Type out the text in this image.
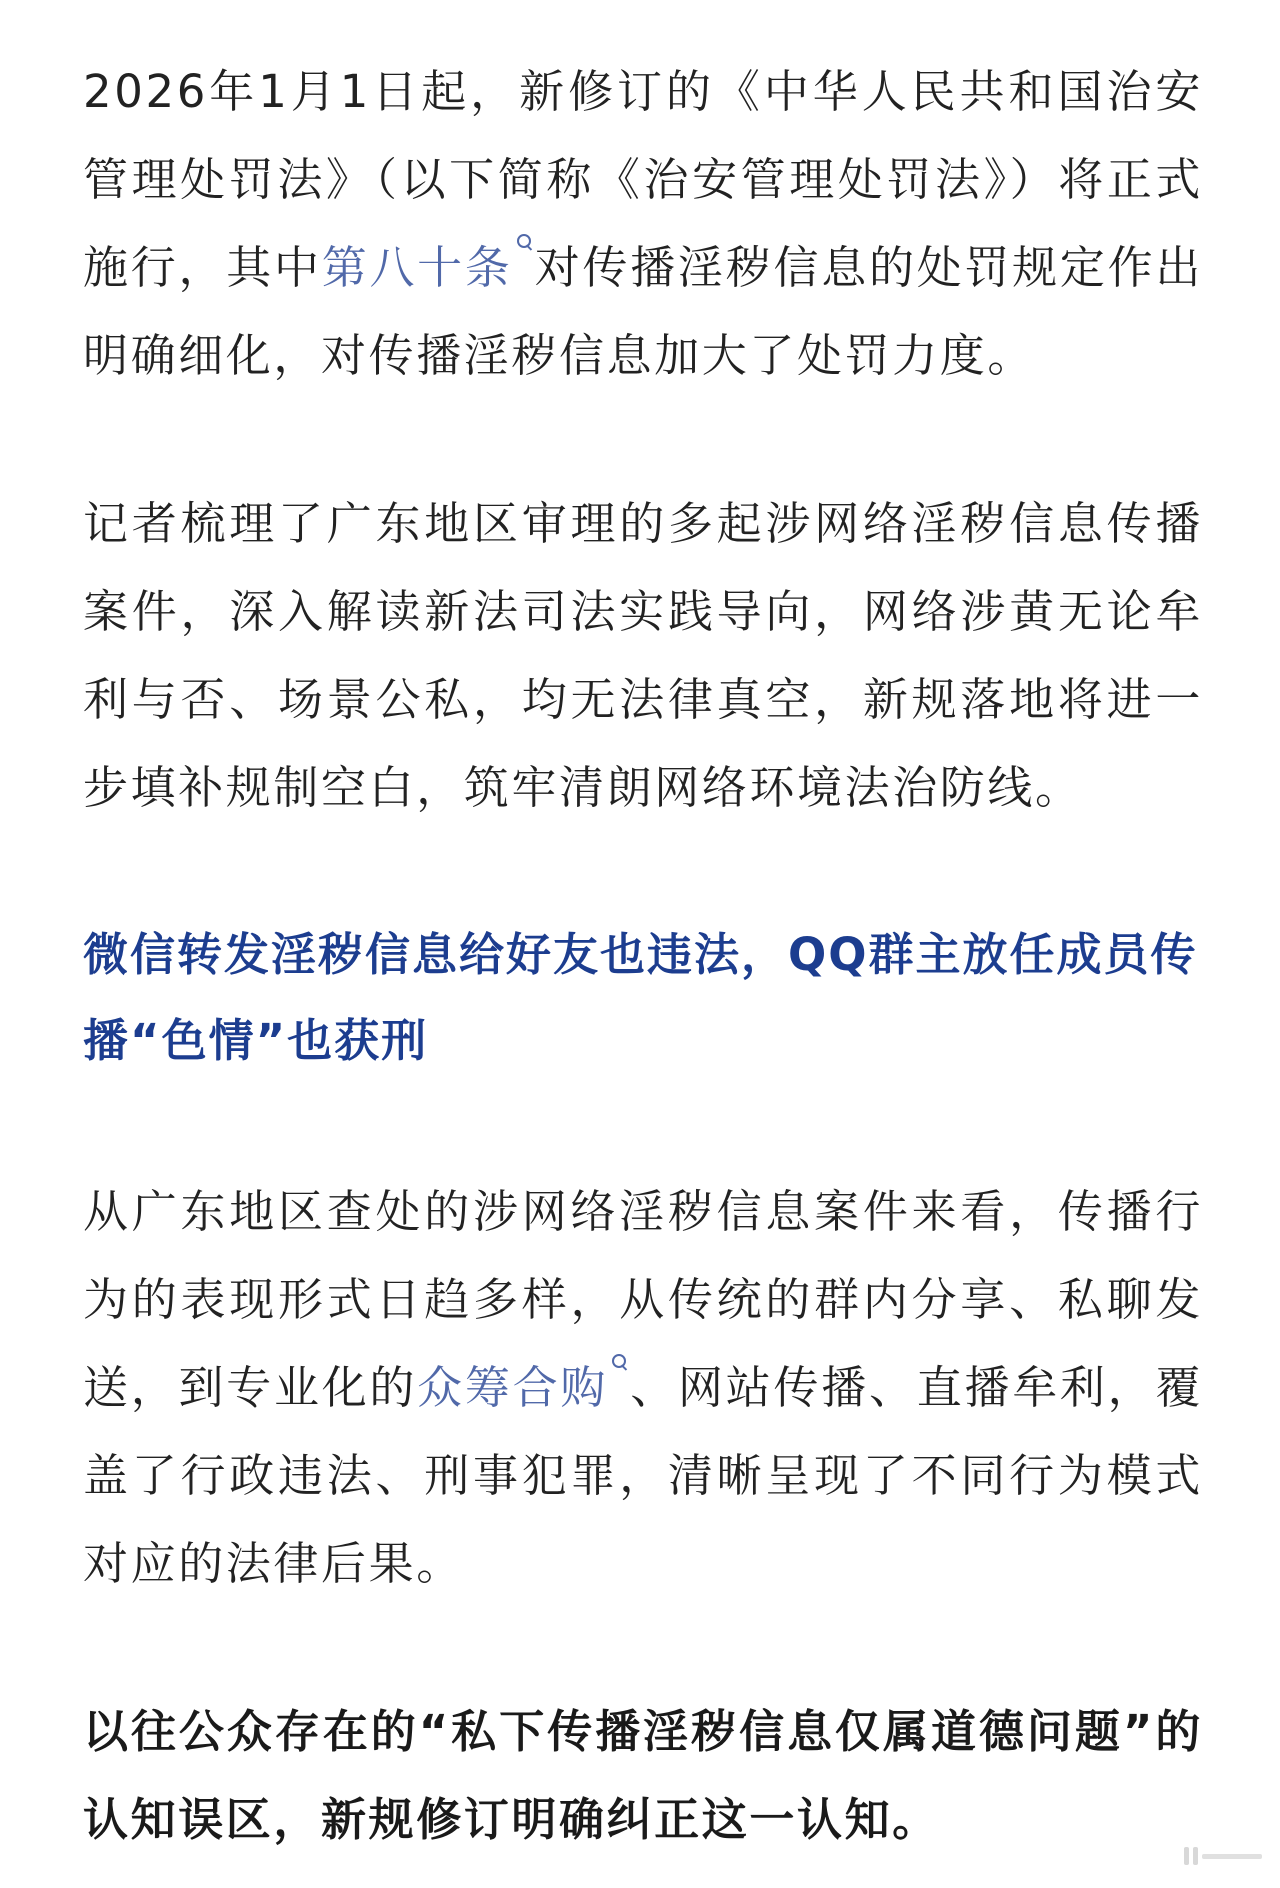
2026年1月1日起，新修订的《中华人民共和国治安管理处罚法》（以下简称《治安管理处罚法》）将正式施行，其中第八十条 对传播淫秽信息的处罚规定作出明确细化，对传播淫秽信息加大了处罚力度。

记者梳理了广东地区审理的多起涉网络淫秽信息传播案件，深入解读新法司法实践导向，网络涉黄无论牟利与否、场景公私，均无法律真空，新规落地将进一步填补规制空白，筑牢清朗网络环境法治防线。

微信转发淫秽信息给好友也违法，QQ群主放任成员传播“色情”也获刑

从广东地区查处的涉网络淫秽信息案件来看，传播行为的表现形式日趋多样，从传统的群内分享、私聊发送，到专业化的众筹合购 、网站传播、直播牟利，覆盖了行政违法、刑事犯罪，清晰呈现了不同行为模式对应的法律后果。

以往公众存在的“私下传播淫秽信息仅属道德问题”的认知误区，新规修订明确纠正这一认知。
